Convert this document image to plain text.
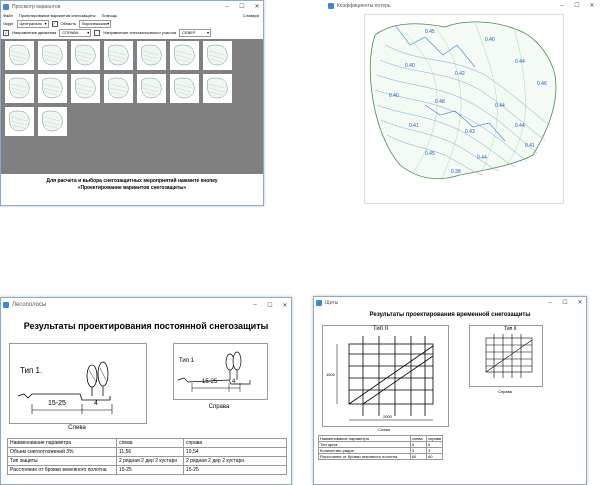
Просмотр вариантов	–	☐ ✕
Файл Проектирование вариантов снегозащиты Помощь	Словари
Округ	Центрально ▾	✓	Область	Воронежская ▾
✓	Направление движения	СПРАВА ▾	Направление снегозаносимого участка	СЕВЕР ▾
Для расчета и выбора снегозащитных мероприятий нажмите кнопку
«Проектирование вариантов снегозащиты»
Коэффициенты потерь	–	☐ ✕
0.45
0.40
0.40
0.42
0.44
0.46
0.40
0.48
0.44
0.41
0.43
0.44
0.45
0.44
0.41
0.38
Лесополосы	–	☐ ✕
Результаты проектирования постоянной снегозащиты
Тип 1.
15-25	4
Слева
Тип 1
15-25 4
Справа
Наименование параметра	слева	справа
Объем снегоотложений 3%	11,56	10,54
Тип защиты	2 рядная 2 дер 2 кустарн	2 рядная 2 дер 2 кустарн.
Расстояние от бровки земляного полотна	15-25	15-25
Щиты	–	☐ ✕
Результаты проектирования временной снегозащиты
Тип II
2000
1500
Слева
Тип II
Справа
Наименование параметра	слева	справа
Тип щита	II	II
Количество рядов	3	3
Расстояние от бровки земляного полотна	60	60
